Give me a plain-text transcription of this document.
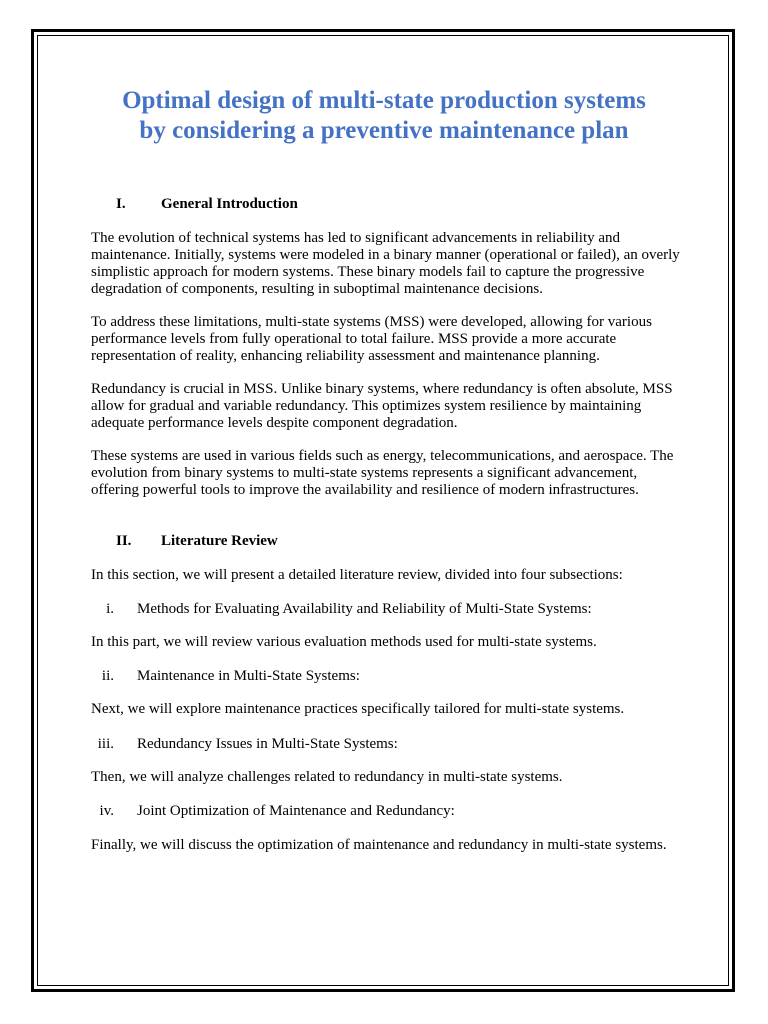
Optimal design of multi-state production systems by considering a preventive maintenance plan
I. General Introduction

The evolution of technical systems has led to significant advancements in reliability and maintenance. Initially, systems were modeled in a binary manner (operational or failed), an overly simplistic approach for modern systems. These binary models fail to capture the progressive degradation of components, resulting in suboptimal maintenance decisions.

To address these limitations, multi-state systems (MSS) were developed, allowing for various performance levels from fully operational to total failure. MSS provide a more accurate representation of reality, enhancing reliability assessment and maintenance planning.

Redundancy is crucial in MSS. Unlike binary systems, where redundancy is often absolute, MSS allow for gradual and variable redundancy. This optimizes system resilience by maintaining adequate performance levels despite component degradation.

These systems are used in various fields such as energy, telecommunications, and aerospace. The evolution from binary systems to multi-state systems represents a significant advancement, offering powerful tools to improve the availability and resilience of modern infrastructures.

II. Literature Review

In this section, we will present a detailed literature review, divided into four subsections:

i. Methods for Evaluating Availability and Reliability of Multi-State Systems:

In this part, we will review various evaluation methods used for multi-state systems.

ii. Maintenance in Multi-State Systems:

Next, we will explore maintenance practices specifically tailored for multi-state systems.

iii. Redundancy Issues in Multi-State Systems:

Then, we will analyze challenges related to redundancy in multi-state systems.

iv. Joint Optimization of Maintenance and Redundancy:

Finally, we will discuss the optimization of maintenance and redundancy in multi-state systems.
